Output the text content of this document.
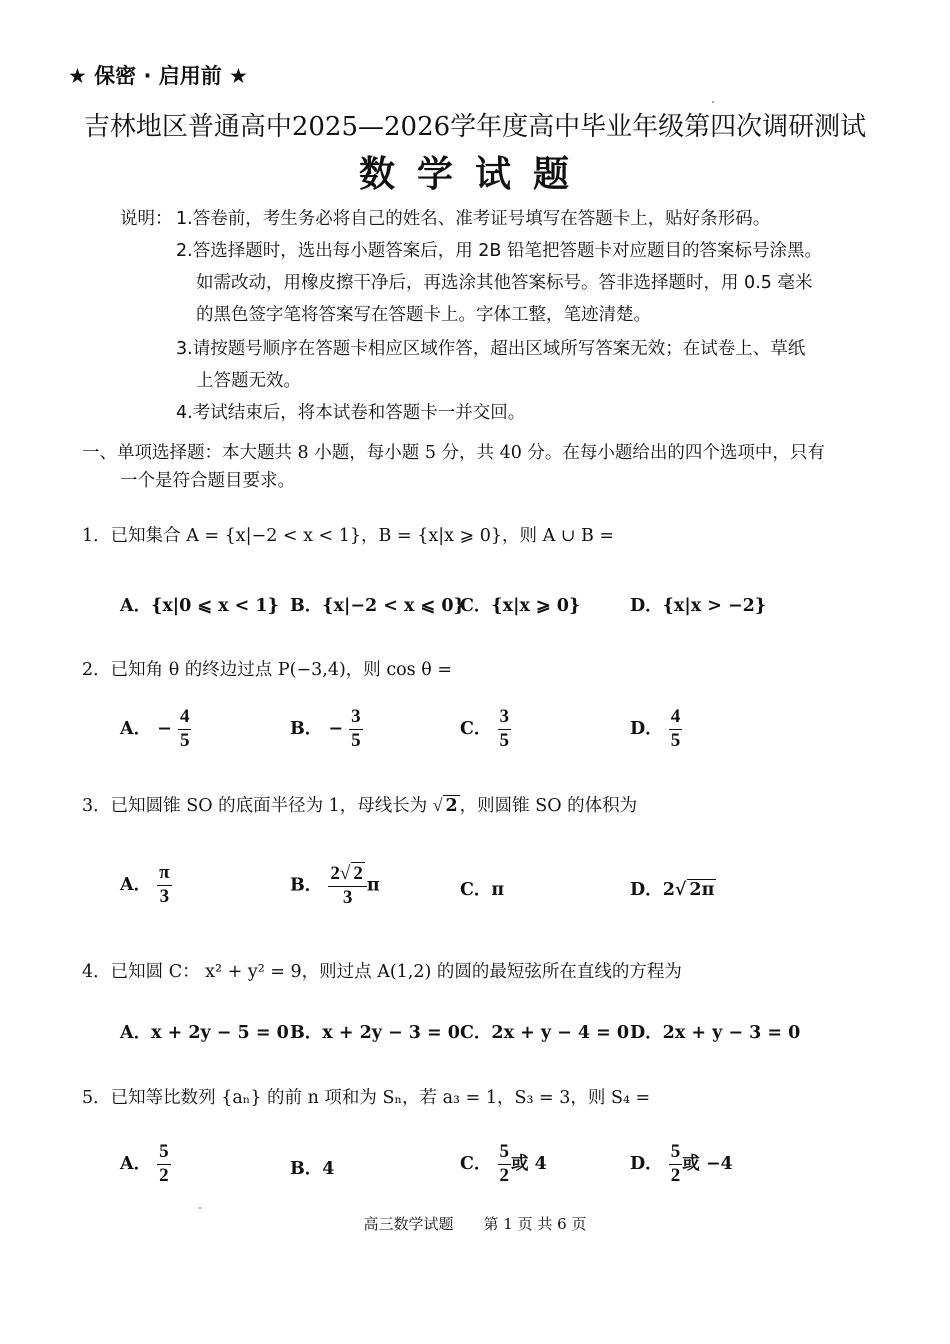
★ 保密 · 启用前 ★
吉林地区普通高中2025—2026学年度高中毕业年级第四次调研测试
数学试题
说明： 1.答卷前，考生务必将自己的姓名、准考证号填写在答题卡上，贴好条形码。
2.答选择题时，选出每小题答案后，用 2B 铅笔把答题卡对应题目的答案标号涂黑。
如需改动，用橡皮擦干净后，再选涂其他答案标号。答非选择题时，用 0.5 毫米
的黑色签字笔将答案写在答题卡上。字体工整，笔迹清楚。
3.请按题号顺序在答题卡相应区域作答，超出区域所写答案无效；在试卷上、草纸
上答题无效。
4.考试结束后，将本试卷和答题卡一并交回。
一、单项选择题：本大题共 8 小题，每小题 5 分，共 40 分。在每小题给出的四个选项中，只有
一个是符合题目要求。
1．已知集合 A = {x|−2 < x < 1}，B = {x|x ⩾ 0}，则 A ∪ B =
A．{x|0 ⩽ x < 1} B．{x|−2 < x ⩽ 0}
C．{x|x ⩾ 0}	D．{x|x > −2}
2．已知角 θ 的终边过点 P(−3,4)，则 cos θ =
A． − $\frac{4}{5}$	B． − $\frac{3}{5}$	C． $\frac{3}{5}$	D． $\frac{4}{5}$
3．已知圆锥 SO 的底面半径为 1，母线长为 √ 2 ，则圆锥 SO 的体积为
A． $\frac{\pi}{3}$	B． $\frac{2√ 2}{3}$ π	C．π	D．2√ 2π
4．已知圆 C： x² + y² = 9，则过点 A(1,2) 的圆的最短弦所在直线的方程为
A．x + 2y − 5 = 0 B．x + 2y − 3 = 0 C．2x + y − 4 = 0 D．2x + y − 3 = 0
5．已知等比数列 {aₙ} 的前 n 项和为 Sₙ，若 a₃ = 1，S₃ = 3，则 S₄ =
A． $\frac{5}{2}$	B．4	C． $\frac{5}{2}$ 或 4	D． $\frac{5}{2}$ 或 −4
高三数学试题　　第 1 页 共 6 页
